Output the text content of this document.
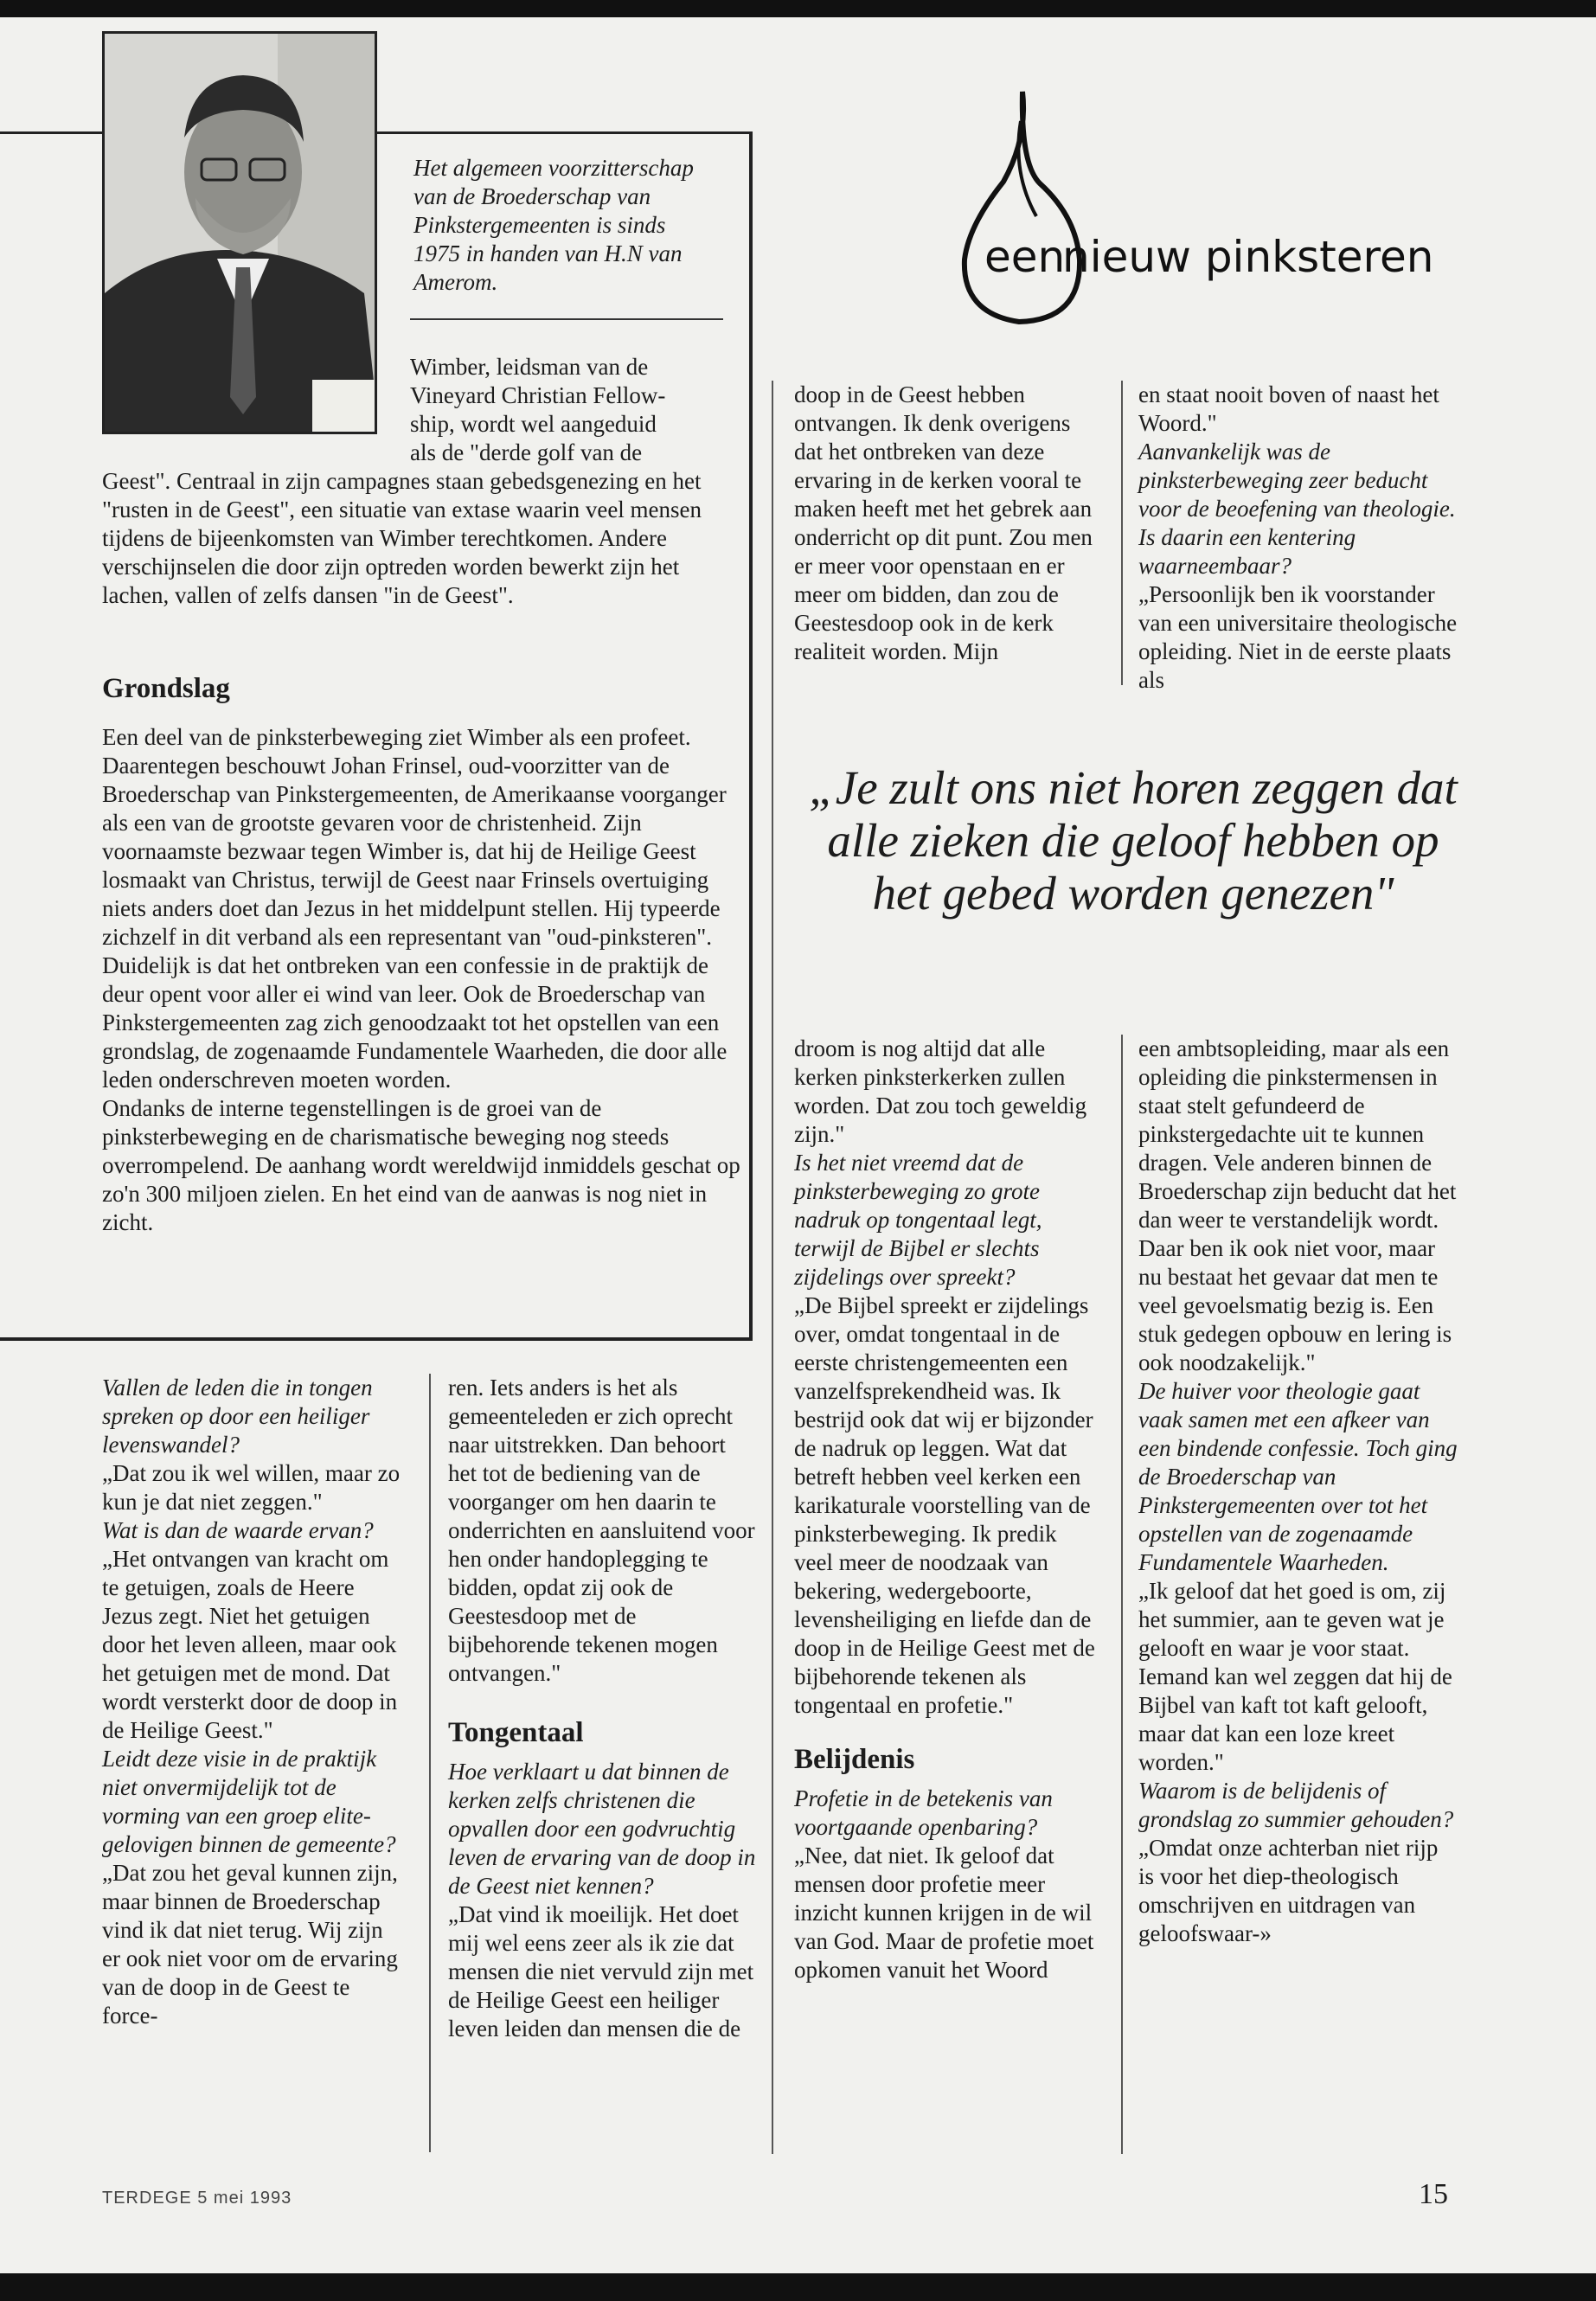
Het algemeen voorzitterschap van de Broederschap van Pinkstergemeenten is sinds 1975 in handen van H.N van Amerom.
Wimber, leidsman van de
Vineyard Christian Fellow-
ship, wordt wel aangeduid
als de "derde golf van de
Geest". Centraal in zijn campagnes staan gebedsgenezing en het "rusten in de Geest", een situatie van extase waarin veel mensen tijdens de bijeenkomsten van Wimber terechtkomen. Andere verschijnselen die door zijn optreden worden bewerkt zijn het lachen, vallen of zelfs dansen "in de Geest".
Grondslag

Een deel van de pinksterbeweging ziet Wimber als een profeet. Daarentegen beschouwt Johan Frinsel, oud-voorzitter van de Broederschap van Pinkstergemeenten, de Amerikaanse voorganger als een van de grootste gevaren voor de christenheid. Zijn voornaamste bezwaar tegen Wimber is, dat hij de Heilige Geest losmaakt van Christus, terwijl de Geest naar Frinsels overtuiging niets anders doet dan Jezus in het middelpunt stellen. Hij typeerde zichzelf in dit verband als een representant van "oud-pinksteren".

Duidelijk is dat het ontbreken van een confessie in de praktijk de deur opent voor aller ei wind van leer. Ook de Broederschap van Pinkstergemeenten zag zich genoodzaakt tot het opstellen van een grondslag, de zogenaamde Fundamentele Waarheden, die door alle leden onderschreven moeten worden.

Ondanks de interne tegenstellingen is de groei van de pinksterbeweging en de charismatische beweging nog steeds overrompelend. De aanhang wordt wereldwijd inmiddels geschat op zo'n 300 miljoen zielen. En het eind van de aanwas is nog niet in zicht.

een
nieuw pinksteren
doop in de Geest hebben ontvangen. Ik denk overigens dat het ontbreken van deze ervaring in de kerken vooral te maken heeft met het gebrek aan onderricht op dit punt. Zou men er meer voor openstaan en er meer om bidden, dan zou de Geestesdoop ook in de kerk realiteit worden. Mijn

en staat nooit boven of naast het Woord."

Aanvankelijk was de pinksterbeweging zeer beducht voor de beoefening van theologie. Is daarin een kentering waarneembaar?

„Persoonlijk ben ik voorstander van een universitaire theologische opleiding. Niet in de eerste plaats als

„Je zult ons niet horen zeggen dat alle zieken die geloof hebben op het gebed worden genezen"

Vallen de leden die in tongen spreken op door een heiliger levenswandel?

„Dat zou ik wel willen, maar zo kun je dat niet zeggen."

Wat is dan de waarde ervan?

„Het ontvangen van kracht om te getuigen, zoals de Heere Jezus zegt. Niet het getuigen door het leven alleen, maar ook het getuigen met de mond. Dat wordt versterkt door de doop in de Heilige Geest."

Leidt deze visie in de praktijk niet onvermijdelijk tot de vorming van een groep elite-gelovigen binnen de gemeente?

„Dat zou het geval kunnen zijn, maar binnen de Broederschap vind ik dat niet terug. Wij zijn er ook niet voor om de ervaring van de doop in de Geest te force-

ren. Iets anders is het als gemeenteleden er zich oprecht naar uitstrekken. Dan behoort het tot de bediening van de voorganger om hen daarin te onderrichten en aansluitend voor hen onder handoplegging te bidden, opdat zij ook de Geestesdoop met de bijbehorende tekenen mogen ontvangen."

Tongentaal

Hoe verklaart u dat binnen de kerken zelfs christenen die opvallen door een godvruchtig leven de ervaring van de doop in de Geest niet kennen?

„Dat vind ik moeilijk. Het doet mij wel eens zeer als ik zie dat mensen die niet vervuld zijn met de Heilige Geest een heiliger leven leiden dan mensen die de

droom is nog altijd dat alle kerken pinksterkerken zullen worden. Dat zou toch geweldig zijn."

Is het niet vreemd dat de pinksterbeweging zo grote nadruk op tongentaal legt, terwijl de Bijbel er slechts zijdelings over spreekt?

„De Bijbel spreekt er zijdelings over, omdat tongentaal in de eerste christengemeenten een vanzelfsprekendheid was. Ik bestrijd ook dat wij er bijzonder de nadruk op leggen. Wat dat betreft hebben veel kerken een karikaturale voorstelling van de pinksterbeweging. Ik predik veel meer de noodzaak van bekering, wedergeboorte, levensheiliging en liefde dan de doop in de Heilige Geest met de bijbehorende tekenen als tongentaal en profetie."

Belijdenis

Profetie in de betekenis van voortgaande openbaring?

„Nee, dat niet. Ik geloof dat mensen door profetie meer inzicht kunnen krijgen in de wil van God. Maar de profetie moet opkomen vanuit het Woord

een ambtsopleiding, maar als een opleiding die pinkstermensen in staat stelt gefundeerd de pinkstergedachte uit te kunnen dragen. Vele anderen binnen de Broederschap zijn beducht dat het dan weer te verstandelijk wordt. Daar ben ik ook niet voor, maar nu bestaat het gevaar dat men te veel gevoelsmatig bezig is. Een stuk gedegen opbouw en lering is ook noodzakelijk."

De huiver voor theologie gaat vaak samen met een afkeer van een bindende confessie. Toch ging de Broederschap van Pinkstergemeenten over tot het opstellen van de zogenaamde Fundamentele Waarheden.

„Ik geloof dat het goed is om, zij het summier, aan te geven wat je gelooft en waar je voor staat. Iemand kan wel zeggen dat hij de Bijbel van kaft tot kaft gelooft, maar dat kan een loze kreet worden."

Waarom is de belijdenis of grondslag zo summier gehouden?

„Omdat onze achterban niet rijp is voor het diep-theologisch omschrijven en uitdragen van geloofswaar-»

TERDEGE 5 mei 1993	15
